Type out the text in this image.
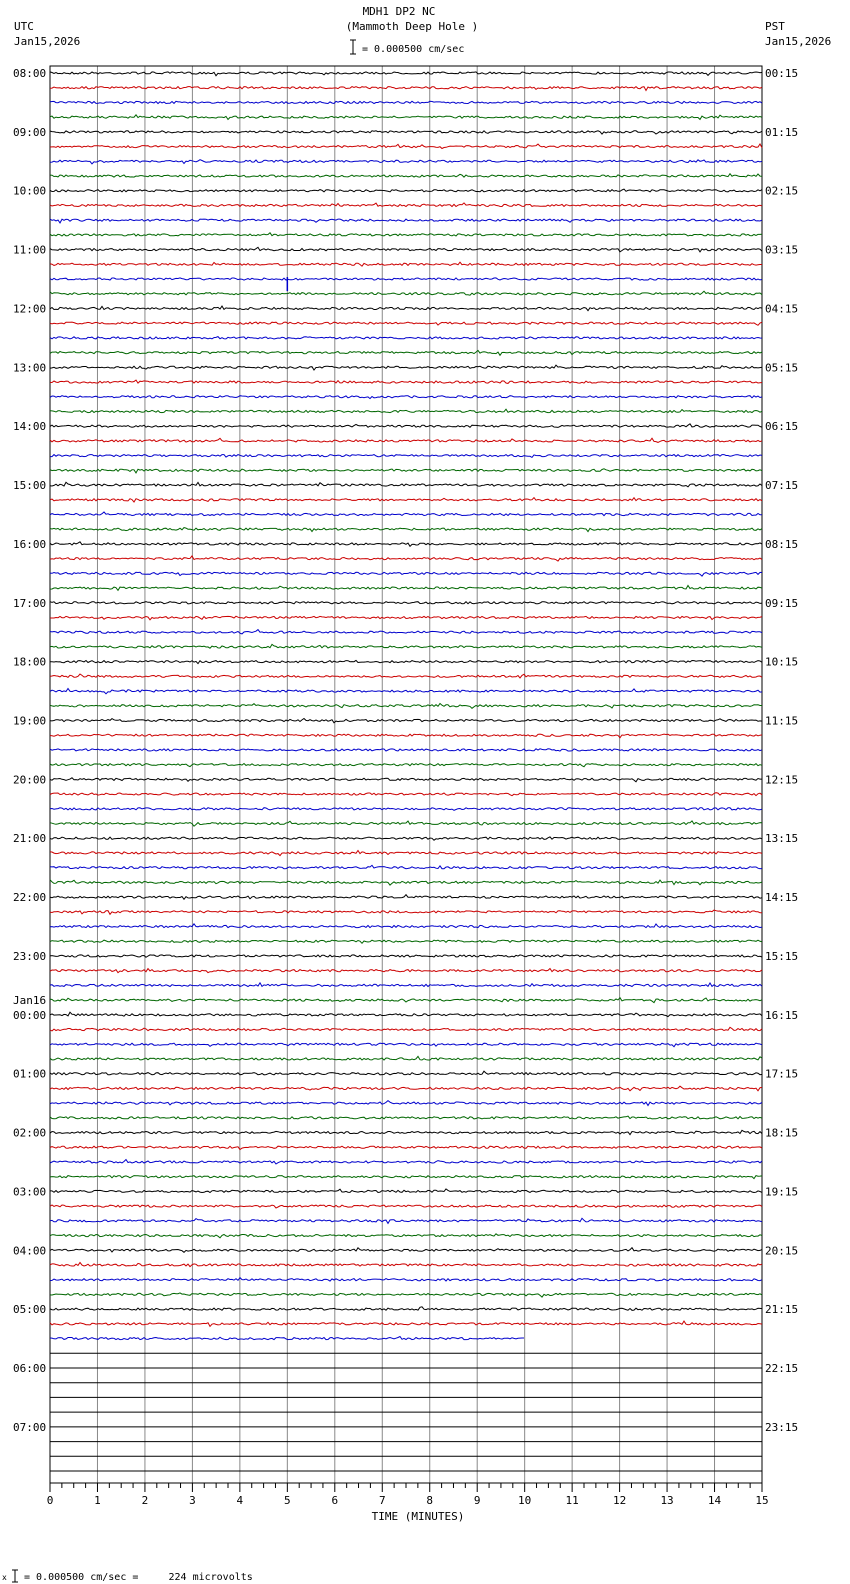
MDH1 DP2 NC
(Mammoth Deep Hole )
= 0.000500 cm/sec
UTC
Jan15,2026
PST
Jan15,2026
08:00
09:00
10:00
11:00
12:00
13:00
14:00
15:00
16:00
17:00
18:00
19:00
20:00
21:00
22:00
23:00
00:00
Jan16
01:00
02:00
03:00
04:00
05:00
06:00
07:00
00:15
01:15
02:15
03:15
04:15
05:15
06:15
07:15
08:15
09:15
10:15
11:15
12:15
13:15
14:15
15:15
16:15
17:15
18:15
19:15
20:15
21:15
22:15
23:15
0	1	2	3	4	5	6	7	8	9	10	11	12	13	14	15
TIME (MINUTES)
x = 0.000500 cm/sec =     224 microvolts
